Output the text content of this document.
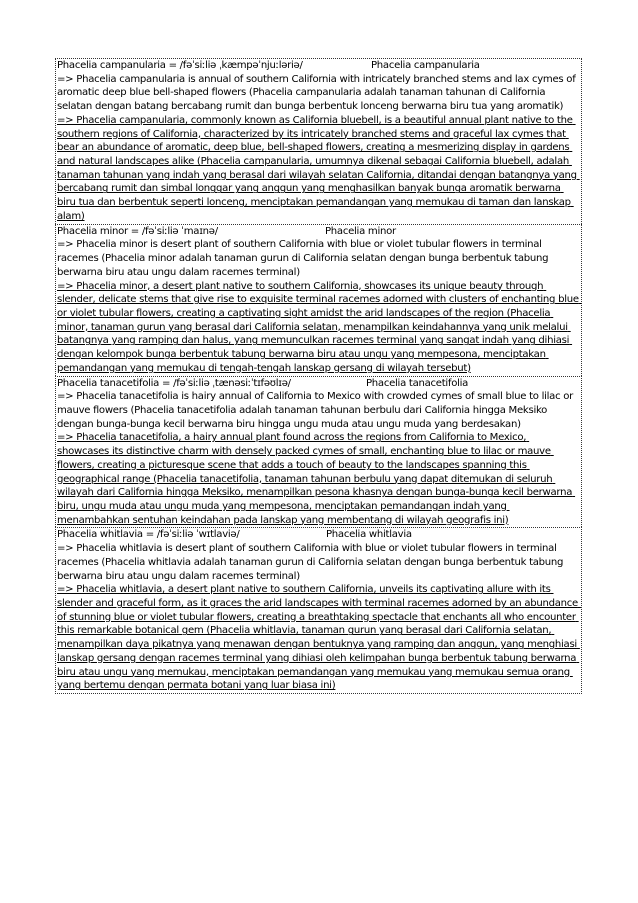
Phacelia campanularia = /fəˈsiːliə ˌkæmpəˈnjuːləriə/	Phacelia campanularia
=> Phacelia campanularia is annual of southern California with intricately branched stems and lax cymes of aromatic deep blue bell-shaped flowers (Phacelia campanularia adalah tanaman tahunan di California selatan dengan batang bercabang rumit dan bunga berbentuk lonceng berwarna biru tua yang aromatik)
=> Phacelia campanularia, commonly known as California bluebell, is a beautiful annual plant native to the southern regions of California, characterized by its intricately branched stems and graceful lax cymes that bear an abundance of aromatic, deep blue, bell-shaped flowers, creating a mesmerizing display in gardens and natural landscapes alike (Phacelia campanularia, umumnya dikenal sebagai California bluebell, adalah tanaman tahunan yang indah yang berasal dari wilayah selatan California, ditandai dengan batangnya yang bercabang rumit dan simbal longgar yang anggun yang menghasilkan banyak bunga aromatik berwarna biru tua dan berbentuk seperti lonceng, menciptakan pemandangan yang memukau di taman dan lanskap alam)
Phacelia minor = /fəˈsiːliə ˈmaɪnə/	Phacelia minor
=> Phacelia minor is desert plant of southern California with blue or violet tubular flowers in terminal racemes (Phacelia minor adalah tanaman gurun di California selatan dengan bunga berbentuk tabung berwarna biru atau ungu dalam racemes terminal)
=> Phacelia minor, a desert plant native to southern California, showcases its unique beauty through slender, delicate stems that give rise to exquisite terminal racemes adorned with clusters of enchanting blue or violet tubular flowers, creating a captivating sight amidst the arid landscapes of the region (Phacelia minor, tanaman gurun yang berasal dari California selatan, menampilkan keindahannya yang unik melalui batangnya yang ramping dan halus, yang memunculkan racemes terminal yang sangat indah yang dihiasi dengan kelompok bunga berbentuk tabung berwarna biru atau ungu yang mempesona, menciptakan pemandangan yang memukau di tengah-tengah lanskap gersang di wilayah tersebut)
Phacelia tanacetifolia = /fəˈsiːliə ˌtænəsiːˈtɪfəʊlɪə/	Phacelia tanacetifolia
=> Phacelia tanacetifolia is hairy annual of California to Mexico with crowded cymes of small blue to lilac or mauve flowers (Phacelia tanacetifolia adalah tanaman tahunan berbulu dari California hingga Meksiko dengan bunga-bunga kecil berwarna biru hingga ungu muda atau ungu muda yang berdesakan)
=> Phacelia tanacetifolia, a hairy annual plant found across the regions from California to Mexico, showcases its distinctive charm with densely packed cymes of small, enchanting blue to lilac or mauve flowers, creating a picturesque scene that adds a touch of beauty to the landscapes spanning this geographical range (Phacelia tanacetifolia, tanaman tahunan berbulu yang dapat ditemukan di seluruh wilayah dari California hingga Meksiko, menampilkan pesona khasnya dengan bunga-bunga kecil berwarna biru, ungu muda atau ungu muda yang mempesona, menciptakan pemandangan indah yang menambahkan sentuhan keindahan pada lanskap yang membentang di wilayah geografis ini)
Phacelia whitlavia = /fəˈsiːliə ˈwɪtlaviə/	Phacelia whitlavia
=> Phacelia whitlavia is desert plant of southern California with blue or violet tubular flowers in terminal racemes (Phacelia whitlavia adalah tanaman gurun di California selatan dengan bunga berbentuk tabung berwarna biru atau ungu dalam racemes terminal)
=> Phacelia whitlavia, a desert plant native to southern California, unveils its captivating allure with its slender and graceful form, as it graces the arid landscapes with terminal racemes adorned by an abundance of stunning blue or violet tubular flowers, creating a breathtaking spectacle that enchants all who encounter this remarkable botanical gem (Phacelia whitlavia, tanaman gurun yang berasal dari California selatan, menampilkan daya pikatnya yang menawan dengan bentuknya yang ramping dan anggun, yang menghiasi lanskap gersang dengan racemes terminal yang dihiasi oleh kelimpahan bunga berbentuk tabung berwarna biru atau ungu yang memukau, menciptakan pemandangan yang memukau yang memukau semua orang yang bertemu dengan permata botani yang luar biasa ini)
